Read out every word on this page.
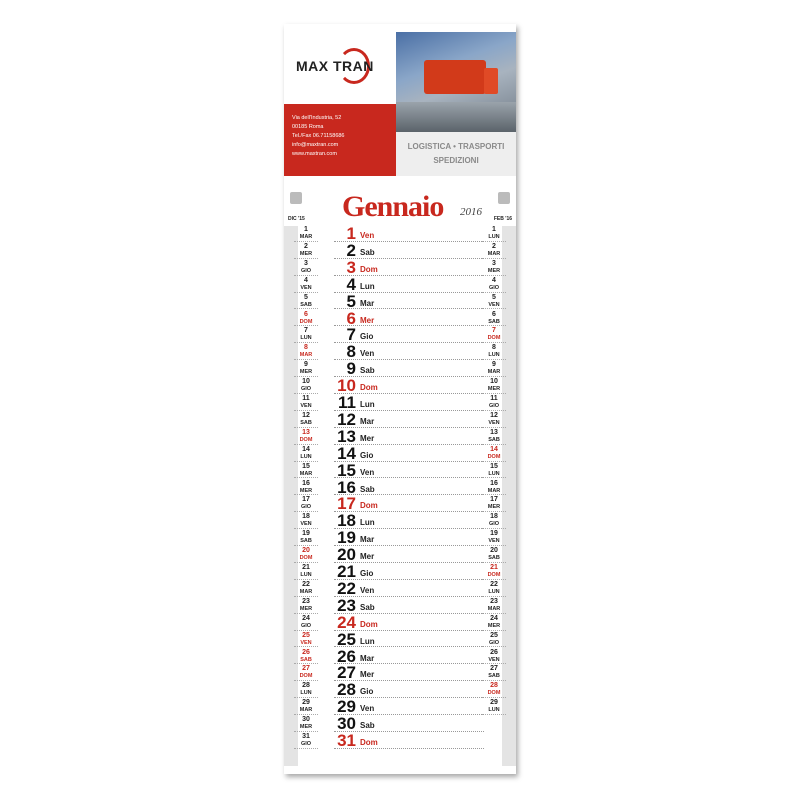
MAX TRAN
Via dell'Industria, 52
00185 Roma
Tel./Fax 06.71158686
info@maxtran.com
www.maxtran.com
LOGISTICA • TRASPORTI
SPEDIZIONI
DIC '15	FEB '16
Gennaio 2016
1
MAR
2
MER
3
GIO
4
VEN
5
SAB
6
DOM
7
LUN
8
MAR
9
MER
10
GIO
11
VEN
12
SAB
13
DOM
14
LUN
15
MAR
16
MER
17
GIO
18
VEN
19
SAB
20
DOM
21
LUN
22
MAR
23
MER
24
GIO
25
VEN
26
SAB
27
DOM
28
LUN
29
MAR
30
MER
31
GIO
1
LUN
2
MAR
3
MER
4
GIO
5
VEN
6
SAB
7
DOM
8
LUN
9
MAR
10
MER
11
GIO
12
VEN
13
SAB
14
DOM
15
LUN
16
MAR
17
MER
18
GIO
19
VEN
20
SAB
21
DOM
22
LUN
23
MAR
24
MER
25
GIO
26
VEN
27
SAB
28
DOM
29
LUN
1 Ven
2 Sab
3 Dom
4 Lun
5 Mar
6 Mer
7 Gio
8 Ven
9 Sab
10 Dom
11 Lun
12 Mar
13 Mer
14 Gio
15 Ven
16 Sab
17 Dom
18 Lun
19 Mar
20 Mer
21 Gio
22 Ven
23 Sab
24 Dom
25 Lun
26 Mar
27 Mer
28 Gio
29 Ven
30 Sab
31 Dom
